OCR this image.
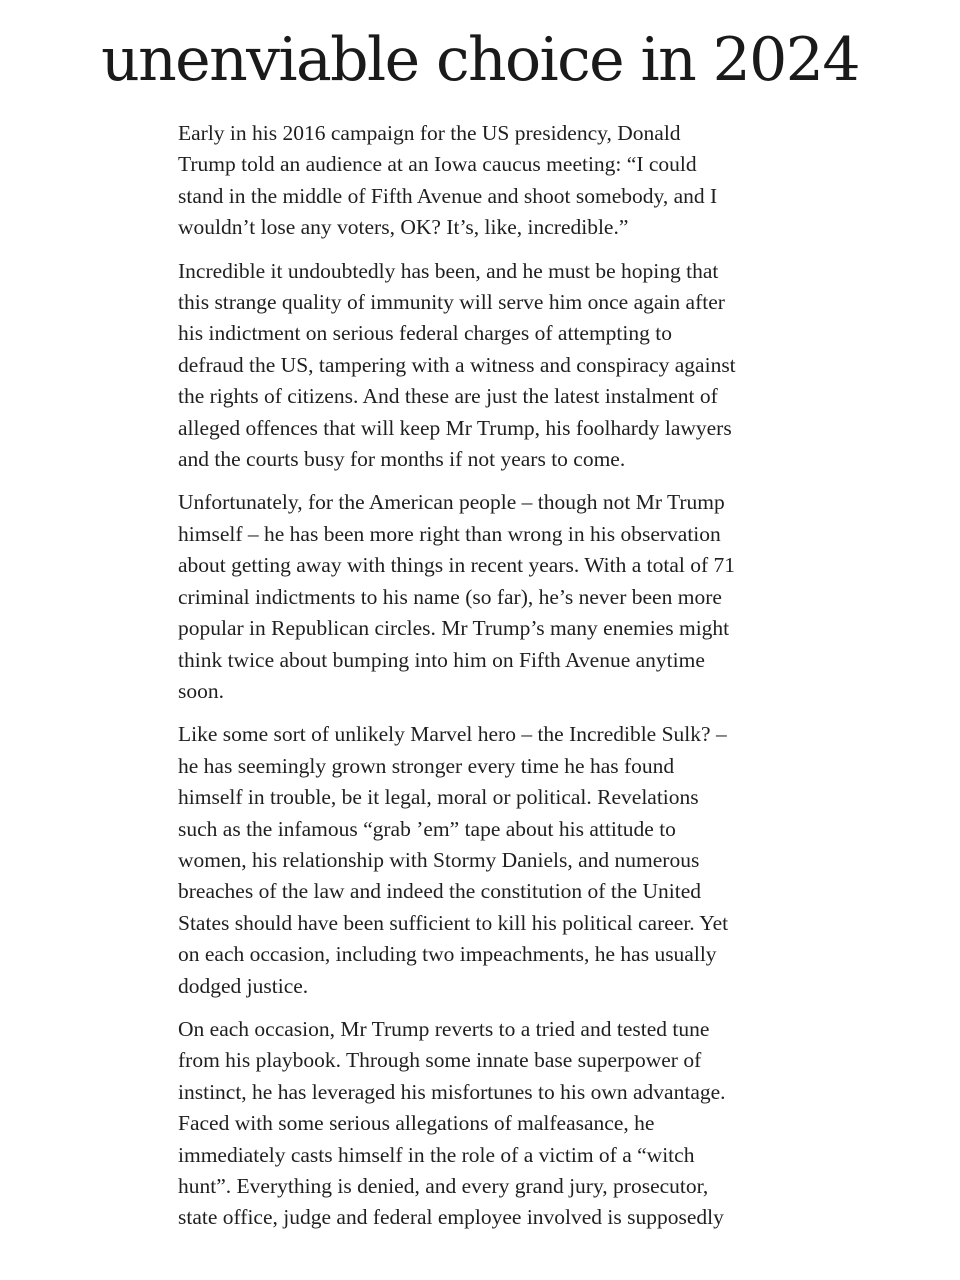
unenviable choice in 2024

Early in his 2016 campaign for the US presidency, Donald
Trump told an audience at an Iowa caucus meeting: “I could
stand in the middle of Fifth Avenue and shoot somebody, and I
wouldn’t lose any voters, OK? It’s, like, incredible.”

Incredible it undoubtedly has been, and he must be hoping that
this strange quality of immunity will serve him once again after
his indictment on serious federal charges of attempting to
defraud the US, tampering with a witness and conspiracy against
the rights of citizens. And these are just the latest instalment of
alleged offences that will keep Mr Trump, his foolhardy lawyers
and the courts busy for months if not years to come.

Unfortunately, for the American people – though not Mr Trump
himself – he has been more right than wrong in his observation
about getting away with things in recent years. With a total of 71
criminal indictments to his name (so far), he’s never been more
popular in Republican circles. Mr Trump’s many enemies might
think twice about bumping into him on Fifth Avenue anytime
soon.

Like some sort of unlikely Marvel hero – the Incredible Sulk? –
he has seemingly grown stronger every time he has found
himself in trouble, be it legal, moral or political. Revelations
such as the infamous “grab ’em” tape about his attitude to
women, his relationship with Stormy Daniels, and numerous
breaches of the law and indeed the constitution of the United
States should have been sufficient to kill his political career. Yet
on each occasion, including two impeachments, he has usually
dodged justice.

On each occasion, Mr Trump reverts to a tried and tested tune
from his playbook. Through some innate base superpower of
instinct, he has leveraged his misfortunes to his own advantage.
Faced with some serious allegations of malfeasance, he
immediately casts himself in the role of a victim of a “witch
hunt”. Everything is denied, and every grand jury, prosecutor,
state office, judge and federal employee involved is supposedly
